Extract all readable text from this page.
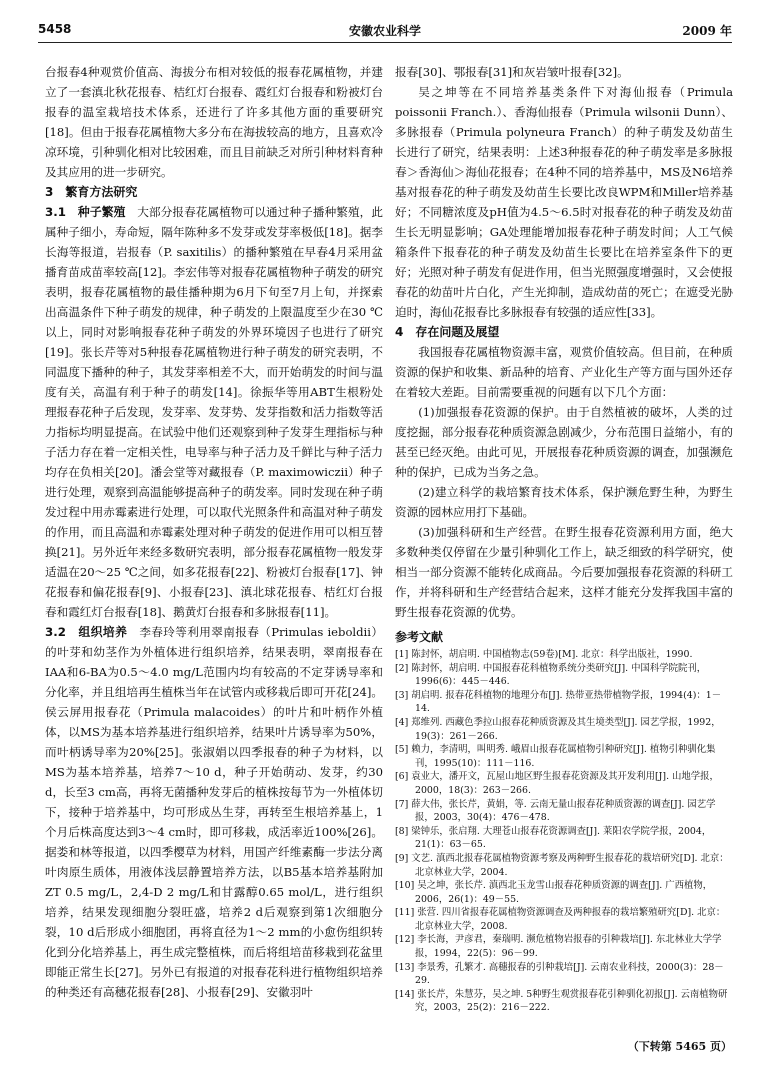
5458	安徽农业科学	2009 年

台报春4种观赏价值高、海拔分布相对较低的报春花属植物，并建立了一套滇北秋花报春、桔红灯台报春、霞红灯台报春和粉被灯台报春的温室栽培技术体系，还进行了许多其他方面的重要研究[18]。但由于报春花属植物大多分布在海拔较高的地方，且喜欢冷凉环境，引种驯化相对比较困难，而且目前缺乏对所引种材料育种及其应用的进一步研究。

3　繁育方法研究

3.1　种子繁殖　 大部分报春花属植物可以通过种子播种繁殖，此属种子细小，寿命短，隔年陈种多不发芽或发芽率极低[18]。据李长海等报道，岩报春（P. saxitilis）的播种繁殖在早春4月采用盆播育苗成苗率较高[12]。李宏伟等对报春花属植物种子萌发的研究表明，报春花属植物的最佳播种期为6月下旬至7月上旬，并探索出高温条件下种子萌发的规律，种子萌发的上限温度至少在30 ℃以上，同时对影响报春花种子萌发的外界环境因子也进行了研究[19]。张长芹等对5种报春花属植物进行种子萌发的研究表明，不同温度下播种的种子，其发芽率相差不大，而开始萌发的时间与温度有关，高温有利于种子的萌发[14]。徐振华等用ABT生根粉处理报春花种子后发现，发芽率、发芽势、发芽指数和活力指数等活力指标均明显提高。在试验中他们还观察到种子发芽生理指标与种子活力存在着一定相关性，电导率与种子活力及千鲜比与种子活力均存在负相关[20]。潘会堂等对藏报春（P. maximowiczii）种子进行处理，观察到高温能够提高种子的萌发率。同时发现在种子萌发过程中用赤霉素进行处理，可以取代光照条件和高温对种子萌发的作用，而且高温和赤霉素处理对种子萌发的促进作用可以相互替换[21]。另外近年来经多数研究表明，部分报春花属植物一般发芽适温在20～25 ℃之间，如多花报春[22]、粉被灯台报春[17]、钟花报春和偏花报春[9]、小报春[23]、滇北球花报春、桔红灯台报春和霞红灯台报春[18]、鹅黄灯台报春和多脉报春[11]。

3.2　组织培养　 李春玲等利用翠南报春（Primulas ieboldii）的叶芽和幼茎作为外植体进行组织培养，结果表明，翠南报春在IAA和6-BA为0.5～4.0 mg/L范围内均有较高的不定芽诱导率和分化率，并且组培再生植株当年在试管内或移栽后即可开花[24]。侯云屏用报春花（Primula malacoides）的叶片和叶柄作外植体，以MS为基本培养基进行组织培养，结果叶片诱导率为50%，而叶柄诱导率为20%[25]。张淑娟以四季报春的种子为材料，以MS为基本培养基，培养7～10 d，种子开始萌动、发芽，约30 d，长至3 cm高，再将无菌播种发芽后的植株按每节为一外植体切下，接种于培养基中，均可形成丛生芽，再转至生根培养基上，1个月后株高度达到3～4 cm时，即可移栽，成活率近100%[26]。据娄和林等报道，以四季樱草为材料，用国产纤维素酶一步法分离叶肉原生质体，用液体浅层静置培养方法，以B5基本培养基附加ZT 0.5 mg/L，2,4-D 2 mg/L和甘露醇0.65 mol/L，进行组织培养，结果发现细胞分裂旺盛，培养2 d后观察到第1次细胞分裂，10 d后形成小细胞团，再将直径为1～2 mm的小愈伤组织转化到分化培养基上，再生成完整植株，而后将组培苗移栽到花盆里即能正常生长[27]。另外已有报道的对报春花科进行植物组织培养的种类还有高穗花报春[28]、小报春[29]、安徽羽叶

报春[30]、鄂报春[31]和灰岩皱叶报春[32]。

吴之坤等在不同培养基类条件下对海仙报春（Primula poissonii Franch.）、香海仙报春（Primula wilsonii Dunn）、多脉报春（Primula polyneura Franch）的种子萌发及幼苗生长进行了研究，结果表明：上述3种报春花的种子萌发率是多脉报春＞香海仙＞海仙花报春；在4种不同的培养基中，MS及N6培养基对报春花的种子萌发及幼苗生长要比改良WPM和Miller培养基好；不同糖浓度及pH值为4.5～6.5时对报春花的种子萌发及幼苗生长无明显影响；GA处理能增加报春花种子萌发时间；人工气候箱条件下报春花的种子萌发及幼苗生长要比在培养室条件下的更好；光照对种子萌发有促进作用，但当光照强度增强时，又会使报春花的幼苗叶片白化，产生光抑制，造成幼苗的死亡；在遮受光胁迫时，海仙花报春比多脉报春有较强的适应性[33]。

4　存在问题及展望

我国报春花属植物资源丰富，观赏价值较高。但目前，在种质资源的保护和收集、新品种的培育、产业化生产等方面与国外还存在着较大差距。目前需要重视的问题有以下几个方面：

(1)加强报春花资源的保护。由于自然植被的破坏，人类的过度挖掘，部分报春花种质资源急剧减少，分布范围日益缩小，有的甚至已经灭绝。由此可见，开展报春花种质资源的调查，加强濒危种的保护，已成为当务之急。

(2)建立科学的栽培繁育技术体系，保护濒危野生种，为野生资源的园林应用打下基础。

(3)加强科研和生产经营。在野生报春花资源利用方面，绝大多数种类仅停留在少量引种驯化工作上，缺乏细致的科学研究，使相当一部分资源不能转化成商品。今后要加强报春花资源的科研工作，并将科研和生产经营结合起来，这样才能充分发挥我国丰富的野生报春花资源的优势。

参考文献
[1] 陈封怀，胡启明. 中国植物志(59卷)[M]. 北京：科学出版社，1990.
[2] 陈封怀，胡启明. 中国报春花科植物系统分类研究[J]. 中国科学院院刊，1996(6)：445－446.
[3] 胡启明. 报春花科植物的地理分布[J]. 热带亚热带植物学报，1994(4)：1－14.
[4] 郑维列. 西藏色季拉山报春花种质资源及其生境类型[J]. 园艺学报，1992，19(3)：261－266.
[5] 赖力，李清明，叫明秀. 峨眉山报春花属植物引种研究[J]. 植物引种驯化集刊，1995(10)：111－116.
[6] 袁业大，潘开文，瓦屋山地区野生报春花资源及其开发利用[J]. 山地学报，2000，18(3)：263－266.
[7] 薛大伟，张长芹，黄娟，等. 云南无量山报春花种质资源的调查[J]. 园艺学报，2003，30(4)：476－478.
[8] 梁钟乐，张启翔. 大理苍山报春花资源调查[J]. 莱阳农学院学报，2004，21(1)：63－65.
[9] 文艺. 滇西北报春花属植物资源考察及两种野生报春花的栽培研究[D]. 北京：北京林业大学，2004.
[10] 吴之坤，张长芹. 滇西北玉龙雪山报春花种质资源的调查[J]. 广西植物，2006，26(1)：49－55.
[11] 张营. 四川省报春花属植物资源调查及两种报春的栽培繁殖研究[D]. 北京：北京林业大学，2008.
[12] 李长海，尹彦君，秦瑞明. 濒危植物岩报春的引种栽培[J]. 东北林业大学学报，1994，22(5)：96－99.
[13] 李景秀，孔繁才. 高穗报春的引种栽培[J]. 云南农业科技，2000(3)：28－29.
[14] 张长芹，朱慧芬，吴之坤. 5种野生观赏报春花引种驯化初报[J]. 云南植物研究，2003，25(2)：216－222.
（下转第 5465 页）
